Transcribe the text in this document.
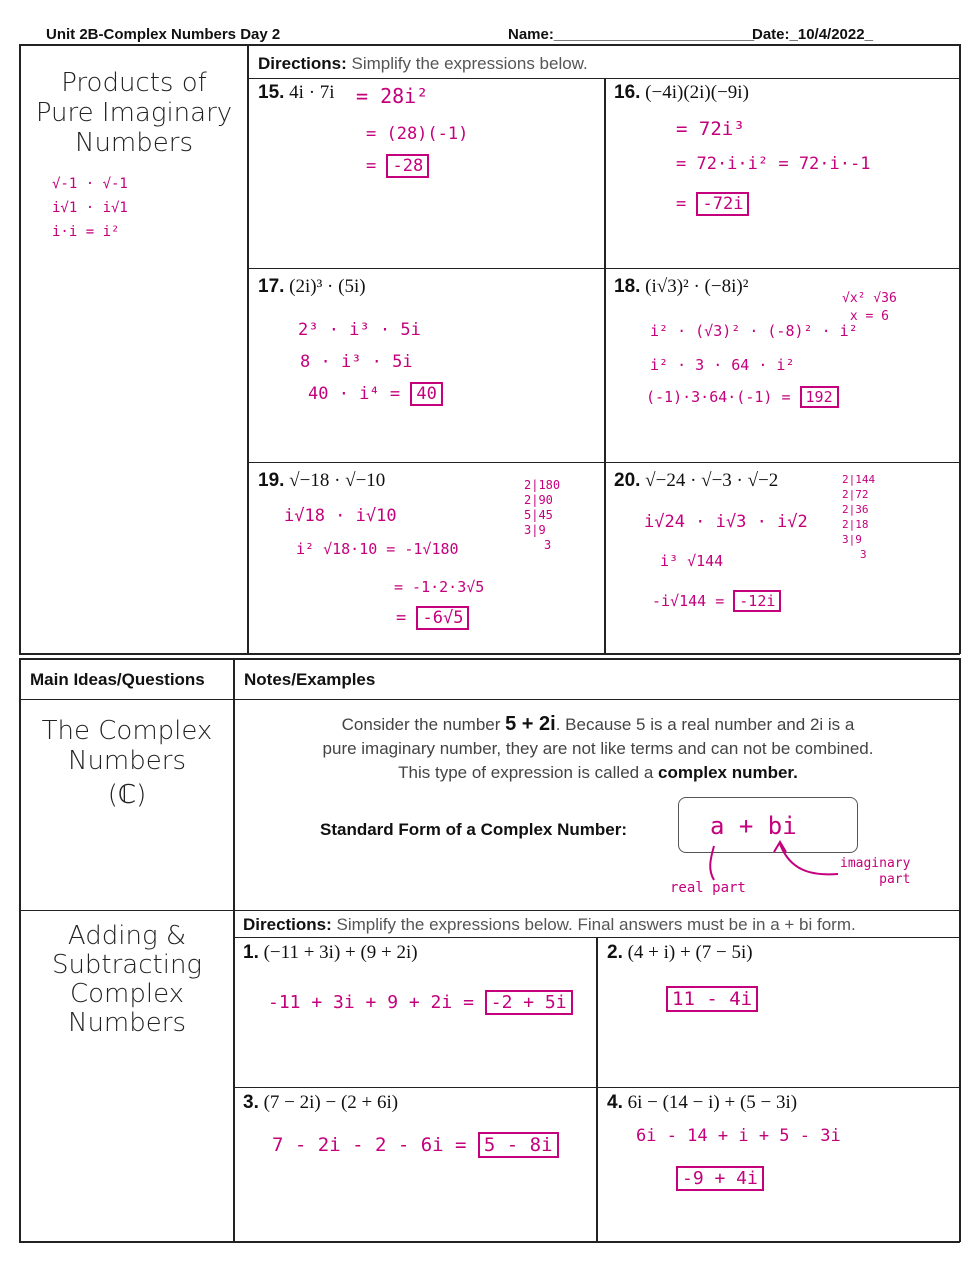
Unit 2B-Complex Numbers Day 2	Name:________________________
Date:_10/4/2022_
Products of
Pure Imaginary
Numbers
√-1 · √-1
i√1 · i√1
i·i = i²
Directions: Simplify the expressions below.
15. 4i · 7i = 28i²
= (28)(-1)
= -28
16. (−4i)(2i)(−9i)
= 72i³
= 72·i·i² = 72·i·-1
= -72i
17. (2i)³ · (5i)
2³ · i³ · 5i
8 · i³ · 5i
40 · i⁴ = 40
18. (i√3)² · (−8i)²
√x² √36
x = 6
i² · (√3)² · (-8)² · i²
i² · 3 · 64 · i²
(-1)·3·64·(-1) = 192
19. √−18 · √−10
i√18 · i√10
i² √18·10 = -1√180
= -1·2·3√5
= -6√5
2|180
2|90
5|45
3|9
3
20. √−24 · √−3 · √−2
i√24 · i√3 · i√2
i³ √144
-i√144 = -12i
2|144
2|72
2|36
2|18
3|9
3
Main Ideas/Questions Notes/Examples
The Complex
Numbers
(ℂ)
Consider the number 5 + 2i. Because 5 is a real number and 2i is a
pure imaginary number, they are not like terms and can not be combined.
This type of expression is called a complex number.
Standard Form of a Complex Number:	a + bi
real part
imaginary
part
Adding &
Subtracting
Complex
Numbers
Directions: Simplify the expressions below. Final answers must be in a + bi form.
1. (−11 + 3i) + (9 + 2i)
-11 + 3i + 9 + 2i = -2 + 5i
2. (4 + i) + (7 − 5i)
11 - 4i
3. (7 − 2i) − (2 + 6i)
7 - 2i - 2 - 6i = 5 - 8i
4. 6i − (14 − i) + (5 − 3i)
6i - 14 + i + 5 - 3i
-9 + 4i
